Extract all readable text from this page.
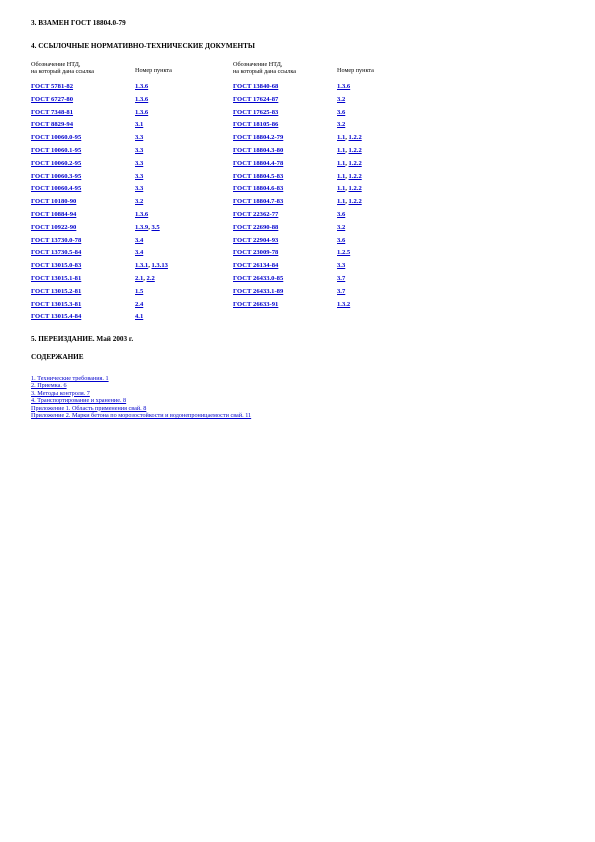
3. ВЗАМЕН ГОСТ 18804.0-79
4. ССЫЛОЧНЫЕ НОРМАТИВНО-ТЕХНИЧЕСКИЕ ДОКУМЕНТЫ
Обозначение НТД,
на который дана ссылка	Номер пункта
ГОСТ 5781-82	1.3.6
ГОСТ 6727-80	1.3.6
ГОСТ 7348-81	1.3.6
ГОСТ 8829-94	3.1
ГОСТ 10060.0-95	3.3
ГОСТ 10060.1-95	3.3
ГОСТ 10060.2-95	3.3
ГОСТ 10060.3-95	3.3
ГОСТ 10060.4-95	3.3
ГОСТ 10180-90	3.2
ГОСТ 10884-94	1.3.6
ГОСТ 10922-90	1.3.9, 3.5
ГОСТ 13730.0-78	3.4
ГОСТ 13730.5-84	3.4
ГОСТ 13015.0-83	1.3.1, 1.3.13
ГОСТ 13015.1-81	2.1, 2.2
ГОСТ 13015.2-81	1.5
ГОСТ 13015.3-81	2.4
ГОСТ 13015.4-84	4.1
Обозначение НТД,
на который дана ссылка	Номер пункта
ГОСТ 13840-68	1.3.6
ГОСТ 17624-87	3.2
ГОСТ 17625-83	3.6
ГОСТ 18105-86	3.2
ГОСТ 18804.2-79	1.1, 1.2.2
ГОСТ 18804.3-80	1.1, 1.2.2
ГОСТ 18804.4-78	1.1, 1.2.2
ГОСТ 18804.5-83	1.1, 1.2.2
ГОСТ 18804.6-83	1.1, 1.2.2
ГОСТ 18804.7-83	1.1, 1.2.2
ГОСТ 22362-77	3.6
ГОСТ 22690-88	3.2
ГОСТ 22904-93	3.6
ГОСТ 23009-78	1.2.5
ГОСТ 26134-84	3.3
ГОСТ 26433.0-85	3.7
ГОСТ 26433.1-89	3.7
ГОСТ 26633-91	1.3.2
5. ПЕРЕИЗДАНИЕ. Май 2003 г.
СОДЕРЖАНИЕ
1. Технические требования. 1
2. Приемка. 6
3. Методы контроля. 7
4. Транспортирование и хранение. 8
Приложение 1. Область применения свай. 8
Приложение 2. Марки бетона по морозостойкости и водонепроницаемости свай. 11
